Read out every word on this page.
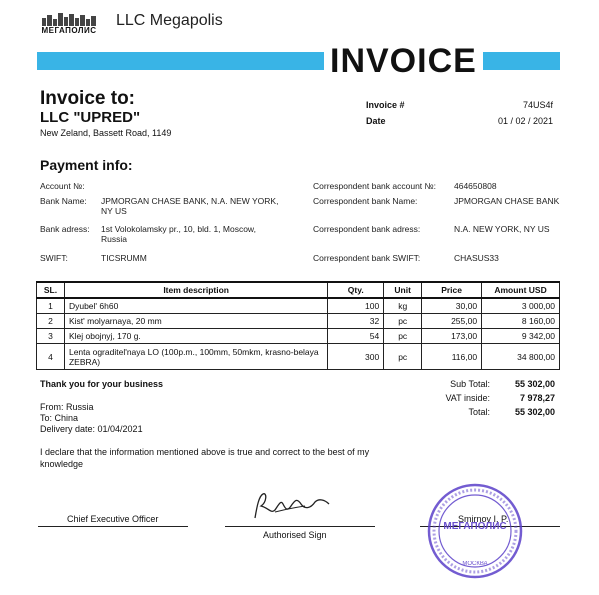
МЕГАПОЛИС
LLC Megapolis
INVOICE
Invoice to:
LLC "UPRED"
New Zeland, Bassett Road, 1149
Invoice #	74US4f
Date	01 / 02 / 2021
Payment info:
Account №:
Bank Name: JPMORGAN CHASE BANK, N.A. NEW YORK, NY US
Bank adress: 1st Volokolamsky pr., 10, bld. 1, Moscow, Russia
SWIFT:	TICSRUMM
Correspondent bank account №: 464650808
Correspondent bank Name:	JPMORGAN CHASE BANK
Correspondent bank adress:	N.A. NEW YORK, NY US
Correspondent bank SWIFT:	CHASUS33
SL.	Item description	Qty.	Unit	Price	Amount USD
1	Dyubel' 6h60	100	kg	30,00	3 000,00
2	Kist' molyarnaya, 20 mm	32	pc	255,00	8 160,00
3	Klej obojnyj, 170 g.	54	pc	173,00	9 342,00
4	Lenta ograditel'naya LO (100p.m., 100mm, 50mkm, krasno-belaya ZEBRA)	300	pc	116,00	34 800,00
Thank you for your business
From: Russia
To: China
Delivery date: 01/04/2021
I declare that the information mentioned above is true and correct to the best of my knowledge
Sub Total:	55 302,00
VAT inside:	7 978,27
Total:	55 302,00
Chief Executive Officer
Authorised Sign
Smirnov I. P.
МЕГАПОЛИС
МОСКВА
